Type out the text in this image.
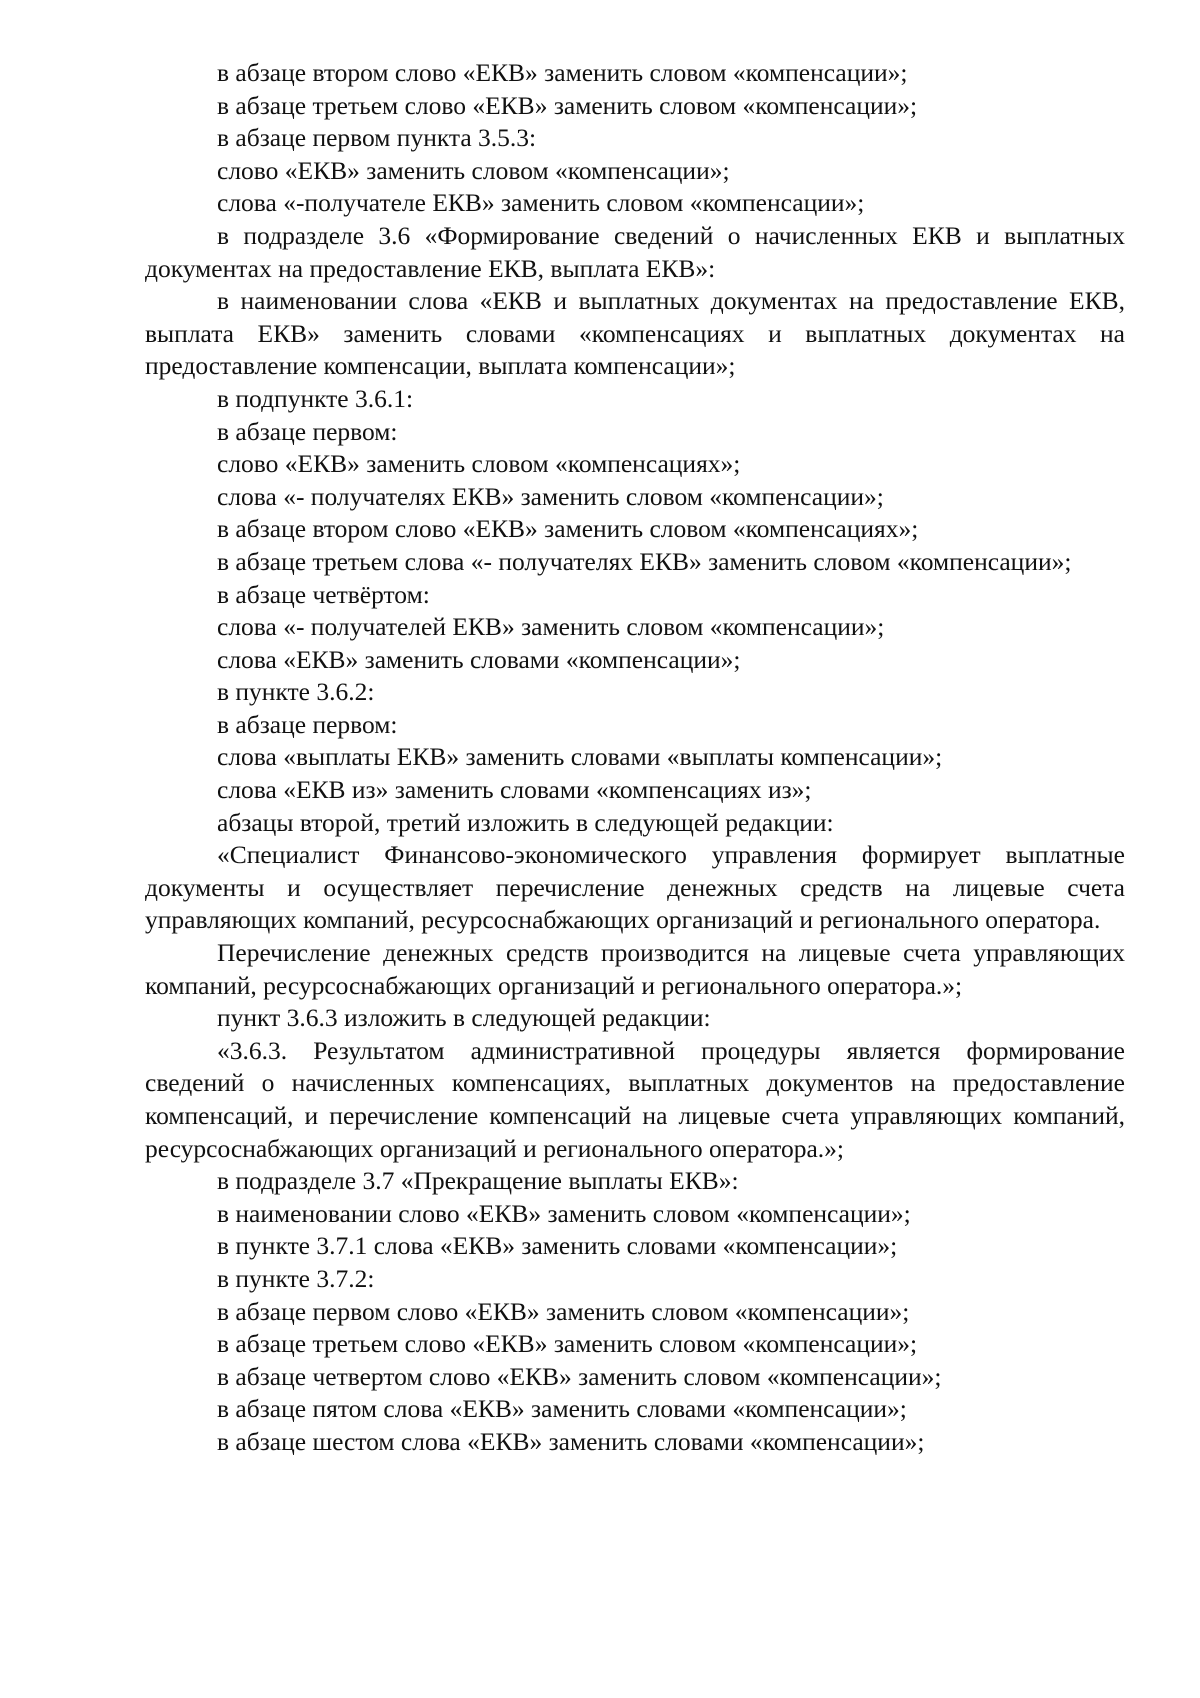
в абзаце втором слово «ЕКВ» заменить словом «компенсации»;

в абзаце третьем слово «ЕКВ» заменить словом «компенсации»;

в абзаце первом пункта 3.5.3:

слово «ЕКВ» заменить словом «компенсации»;

слова «-получателе ЕКВ» заменить словом «компенсации»;

в подразделе 3.6 «Формирование сведений о начисленных ЕКВ и выплатных документах на предоставление ЕКВ, выплата ЕКВ»:

в наименовании слова «ЕКВ и выплатных документах на предоставление ЕКВ, выплата ЕКВ» заменить словами «компенсациях и выплатных документах на предоставление компенсации, выплата компенсации»;

в подпункте 3.6.1:

в абзаце первом:

слово «ЕКВ» заменить словом «компенсациях»;

слова «- получателях ЕКВ» заменить словом «компенсации»;

в абзаце втором слово «ЕКВ» заменить словом «компенсациях»;

в абзаце третьем слова «- получателях ЕКВ» заменить словом «компенсации»;

в абзаце четвёртом:

слова «- получателей ЕКВ» заменить словом «компенсации»;

слова «ЕКВ» заменить словами «компенсации»;

в пункте 3.6.2:

в абзаце первом:

слова «выплаты ЕКВ» заменить словами «выплаты компенсации»;

слова «ЕКВ из» заменить словами «компенсациях из»;

абзацы второй, третий изложить в следующей редакции:

«Специалист Финансово-экономического управления формирует выплатные документы и осуществляет перечисление денежных средств на лицевые счета управляющих компаний, ресурсоснабжающих организаций и регионального оператора.

Перечисление денежных средств производится на лицевые счета управляющих компаний, ресурсоснабжающих организаций и регионального оператора.»;

пункт 3.6.3 изложить в следующей редакции:

«3.6.3. Результатом административной процедуры является формирование сведений о начисленных компенсациях, выплатных документов на предоставление компенсаций, и перечисление компенсаций на лицевые счета управляющих компаний, ресурсоснабжающих организаций и регионального оператора.»;

в подразделе 3.7 «Прекращение выплаты ЕКВ»:

в наименовании слово «ЕКВ» заменить словом «компенсации»;

в пункте 3.7.1 слова «ЕКВ» заменить словами «компенсации»;

в пункте 3.7.2:

в абзаце первом слово «ЕКВ» заменить словом «компенсации»;

в абзаце третьем слово «ЕКВ» заменить словом «компенсации»;

в абзаце четвертом слово «ЕКВ» заменить словом «компенсации»;

в абзаце пятом слова «ЕКВ» заменить словами «компенсации»;

в абзаце шестом слова «ЕКВ» заменить словами «компенсации»;
